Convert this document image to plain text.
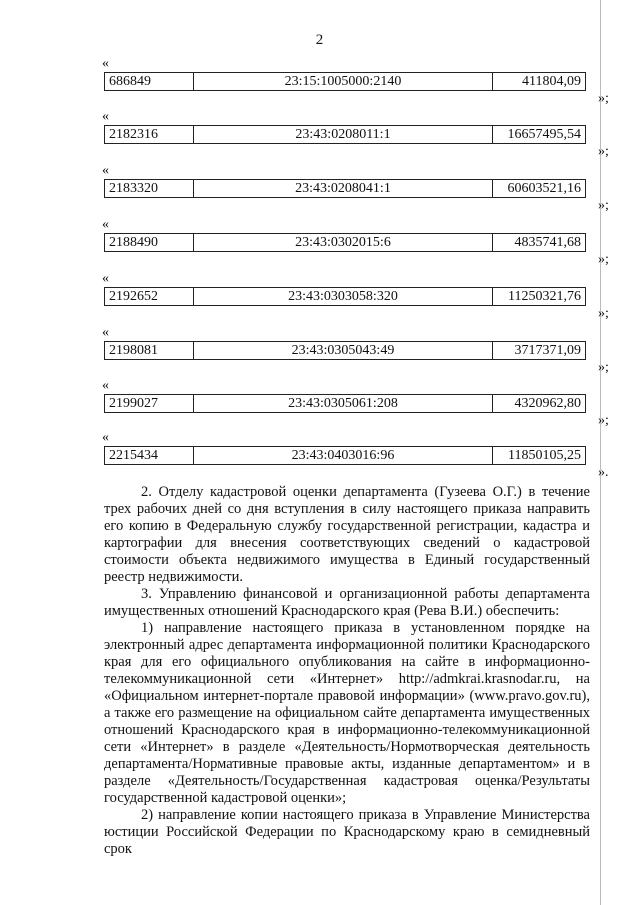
2
«
686849	23:15:1005000:2140	411804,09
»;
«
2182316	23:43:0208011:1	16657495,54
»;
«
2183320	23:43:0208041:1	60603521,16
»;
«
2188490	23:43:0302015:6	4835741,68
»;
«
2192652	23:43:0303058:320	11250321,76
»;
«
2198081	23:43:0305043:49	3717371,09
»;
«
2199027	23:43:0305061:208	4320962,80
»;
«
2215434	23:43:0403016:96	11850105,25
».

2. Отделу кадастровой оценки департамента (Гузеева О.Г.) в течение трех рабочих дней со дня вступления в силу настоящего приказа направить его копию в Федеральную службу государственной регистрации, кадастра и картографии для внесения соответствующих сведений о кадастровой стоимости объекта недвижимого имущества в Единый государственный реестр недвижимости.

3. Управлению финансовой и организационной работы департамента имущественных отношений Краснодарского края (Рева В.И.) обеспечить:

1) направление настоящего приказа в установленном порядке на электронный адрес департамента информационной политики Краснодарского края для его официального опубликования на сайте в информационно-телекоммуникационной сети «Интернет» http://admkrai.krasnodar.ru, на «Официальном интернет-портале правовой информации» (www.pravo.gov.ru), а также его размещение на официальном сайте департамента имущественных отношений Краснодарского края в информационно-телекоммуникационной сети «Интернет» в разделе «Деятельность/Нормотворческая деятельность департамента/Нормативные правовые акты, изданные департаментом» и в разделе «Деятельность/Государственная кадастровая оценка/Результаты государственной кадастровой оценки»;

2) направление копии настоящего приказа в Управление Министерства юстиции Российской Федерации по Краснодарскому краю в семидневный срок
